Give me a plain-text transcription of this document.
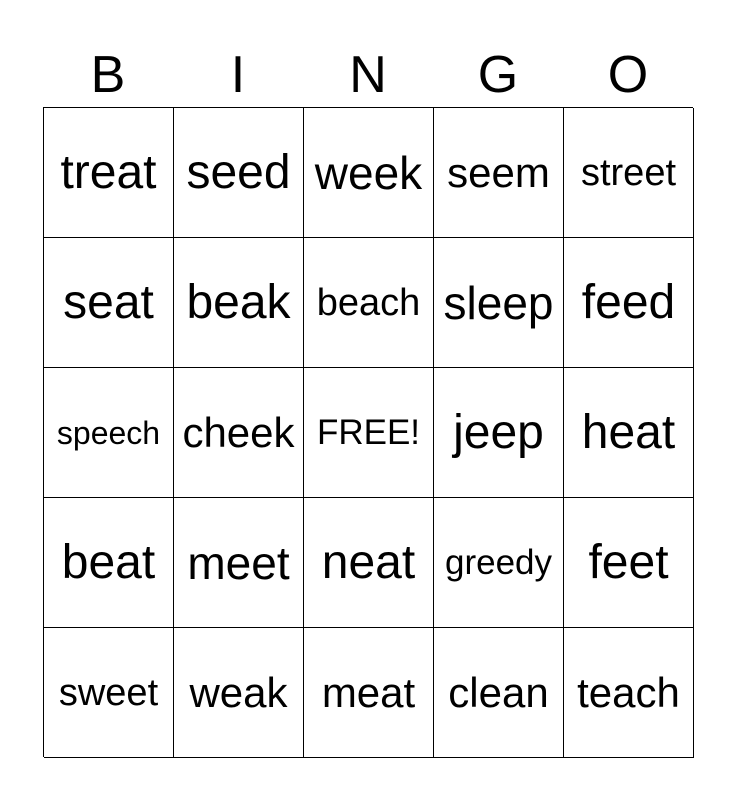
B	I	N	G	O
treat seed week seem street
seat beak beach sleep feed
speech cheek FREE! jeep heat
beat meet neat greedy feet
sweet weak meat clean teach
